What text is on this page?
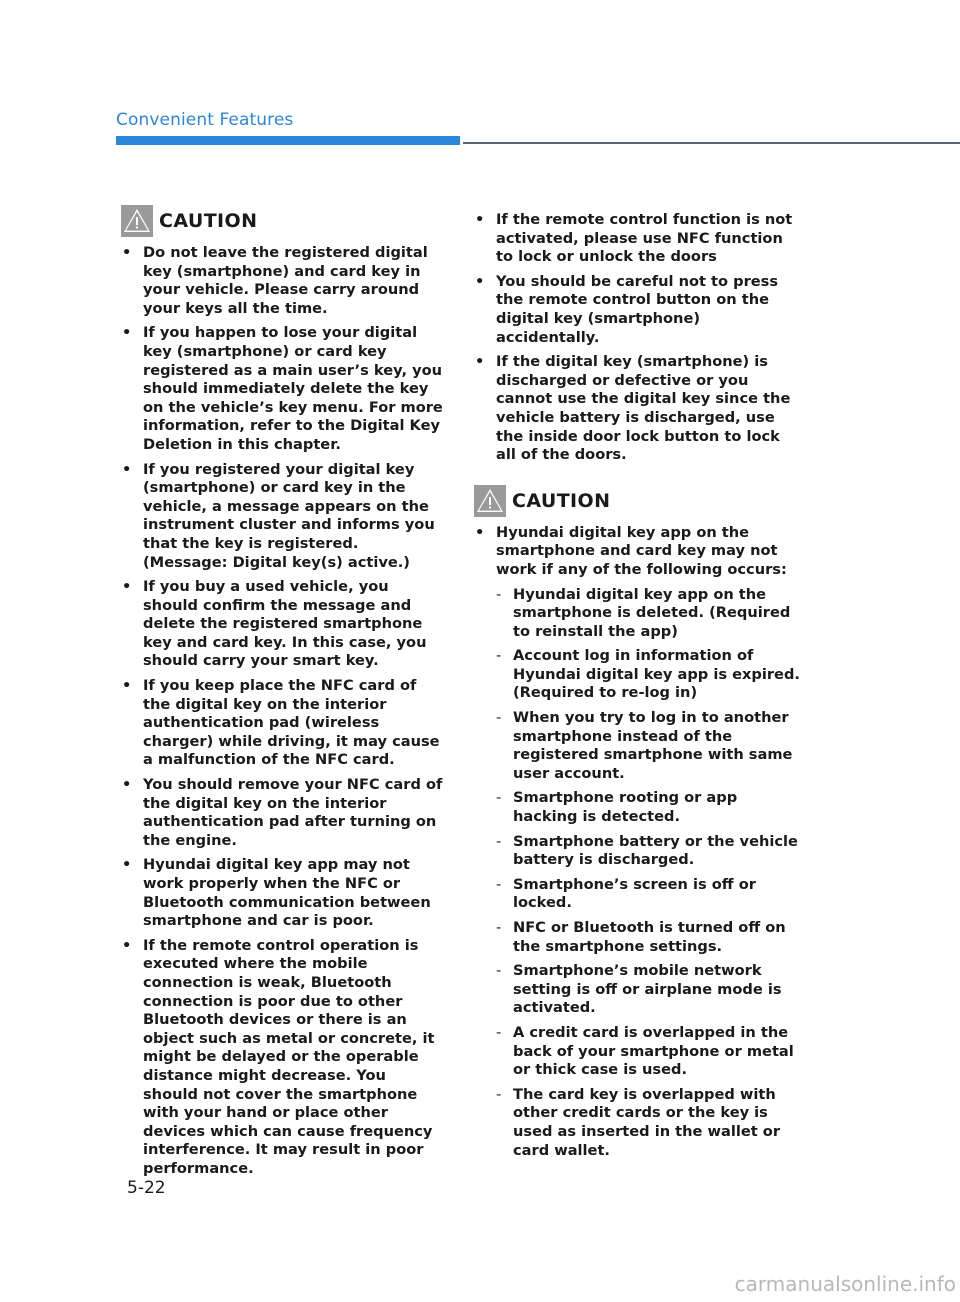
Convenient Features
CAUTION
• Do not leave the registered digital key (smartphone) and card key in your vehicle. Please carry around your keys all the time.
• If you happen to lose your digital key (smartphone) or card key registered as a main user’s key, you should immediately delete the key on the vehicle’s key menu. For more information, refer to the Digital Key Deletion in this chapter.
• If you registered your digital key (smartphone) or card key in the vehicle, a message appears on the instrument cluster and informs you that the key is registered. (Message: Digital key(s) active.)
• If you buy a used vehicle, you should confirm the message and delete the registered smartphone key and card key. In this case, you should carry your smart key.
• If you keep place the NFC card of the digital key on the interior authentication pad (wireless charger) while driving, it may cause a malfunction of the NFC card.
• You should remove your NFC card of the digital key on the interior authentication pad after turning on the engine.
• Hyundai digital key app may not work properly when the NFC or Bluetooth communication between smartphone and car is poor.
• If the remote control operation is executed where the mobile connection is weak, Bluetooth connection is poor due to other Bluetooth devices or there is an object such as metal or concrete, it might be delayed or the operable distance might decrease. You should not cover the smartphone with your hand or place other devices which can cause frequency interference. It may result in poor performance.
• If the remote control function is not activated, please use NFC function to lock or unlock the doors
• You should be careful not to press the remote control button on the digital key (smartphone) accidentally.
• If the digital key (smartphone) is discharged or defective or you cannot use the digital key since the vehicle battery is discharged, use the inside door lock button to lock all of the doors.
CAUTION
• Hyundai digital key app on the smartphone and card key may not work if any of the following occurs:
- Hyundai digital key app on the smartphone is deleted. (Required to reinstall the app)
- Account log in information of Hyundai digital key app is expired. (Required to re-log in)
- When you try to log in to another smartphone instead of the registered smartphone with same user account.
- Smartphone rooting or app hacking is detected.
- Smartphone battery or the vehicle battery is discharged.
- Smartphone’s screen is off or locked.
- NFC or Bluetooth is turned off on the smartphone settings.
- Smartphone’s mobile network setting is off or airplane mode is activated.
- A credit card is overlapped in the back of your smartphone or metal or thick case is used.
- The card key is overlapped with other credit cards or the key is used as inserted in the wallet or card wallet.
5-22
carmanualsonline.info
